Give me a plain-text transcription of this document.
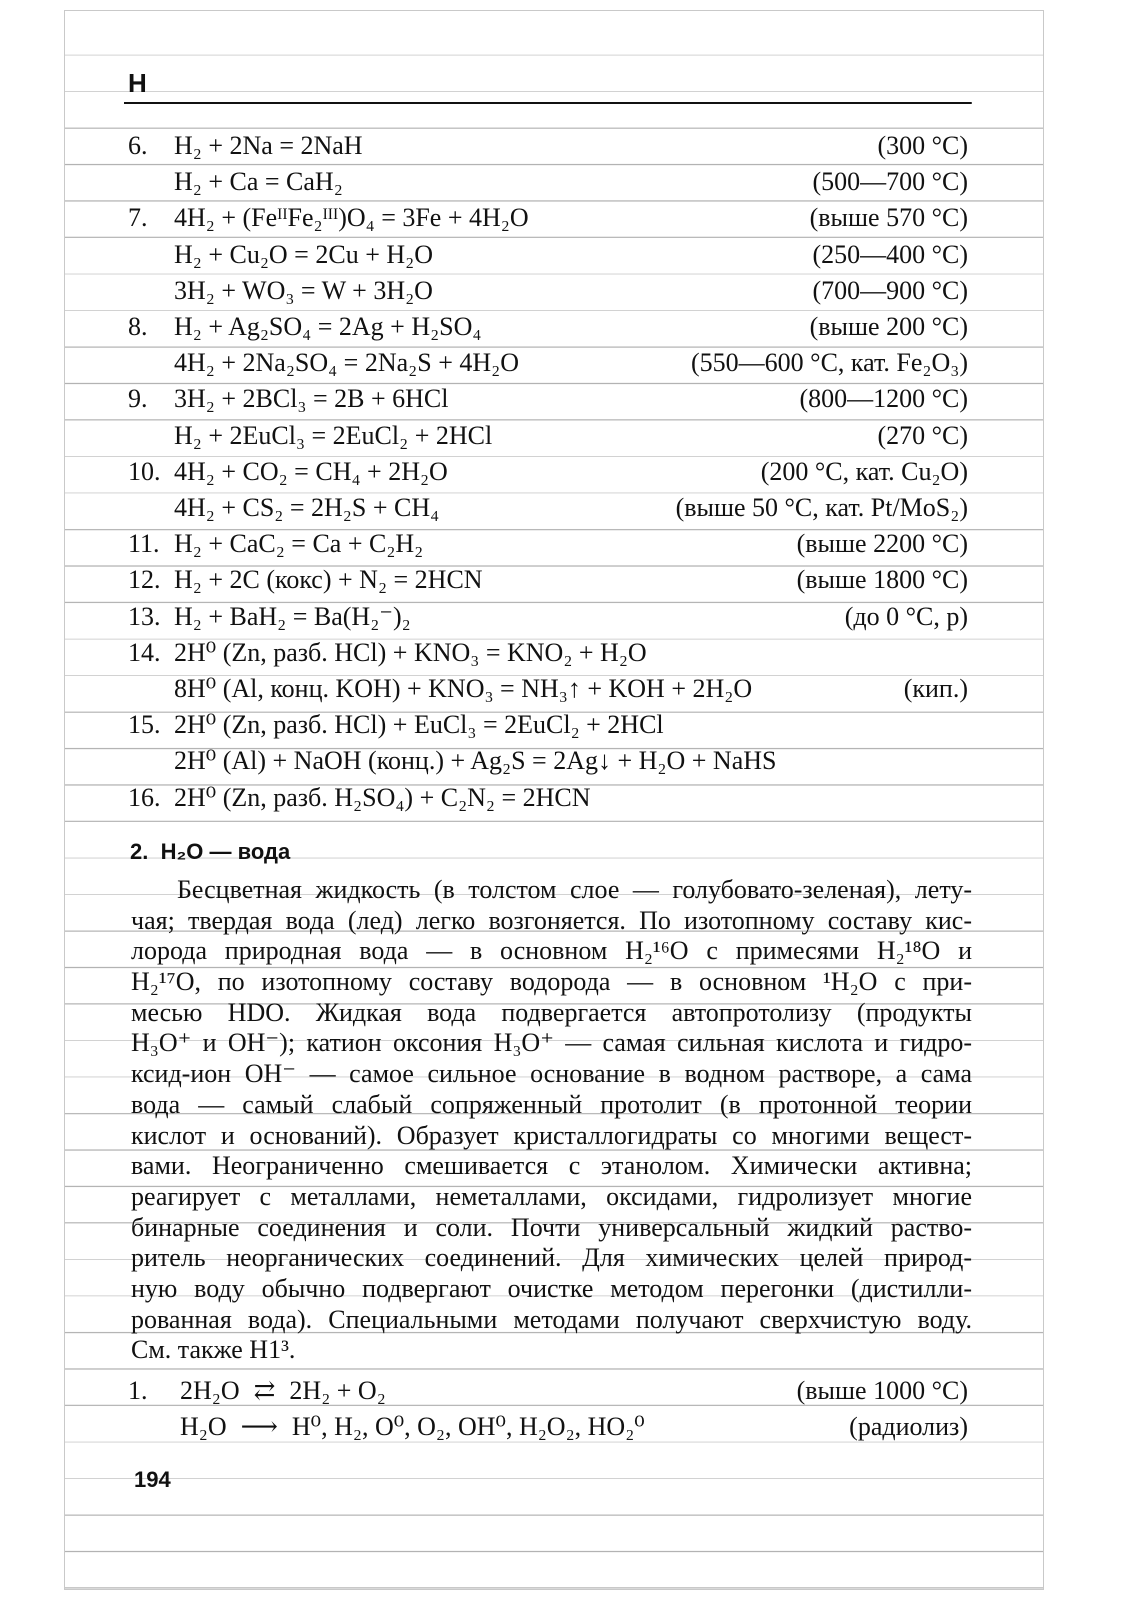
H
6. H₂ + 2Na = 2NaH	(300 °C)
H₂ + Ca = CaH₂	(500—700 °C)
7. 4H₂ + (FeᴵᴵFe₂ᴵᴵᴵ)O₄ = 3Fe + 4H₂O	(выше 570 °C)
H₂ + Cu₂O = 2Cu + H₂O	(250—400 °C)
3H₂ + WO₃ = W + 3H₂O	(700—900 °C)
8. H₂ + Ag₂SO₄ = 2Ag + H₂SO₄	(выше 200 °C)
4H₂ + 2Na₂SO₄ = 2Na₂S + 4H₂O	(550—600 °C, кат. Fe₂O₃)
9. 3H₂ + 2BCl₃ = 2B + 6HCl	(800—1200 °C)
H₂ + 2EuCl₃ = 2EuCl₂ + 2HCl	(270 °C)
10. 4H₂ + CO₂ = CH₄ + 2H₂O	(200 °C, кат. Cu₂O)
4H₂ + CS₂ = 2H₂S + CH₄	(выше 50 °C, кат. Pt/MoS₂)
11. H₂ + CaC₂ = Ca + C₂H₂	(выше 2200 °C)
12. H₂ + 2C (кокс) + N₂ = 2HCN	(выше 1800 °C)
13. H₂ + BaH₂ = Ba(H₂⁻)₂	(до 0 °C, p)
14. 2H⁰ (Zn, разб. HCl) + KNO₃ = KNO₂ + H₂O
8H⁰ (Al, конц. KOH) + KNO₃ = NH₃↑ + KOH + 2H₂O	(кип.)
15. 2H⁰ (Zn, разб. HCl) + EuCl₃ = 2EuCl₂ + 2HCl
2H⁰ (Al) + NaOH (конц.) + Ag₂S = 2Ag↓ + H₂O + NaHS
16. 2H⁰ (Zn, разб. H₂SO₄) + C₂N₂ = 2HCN
2. H₂O — вода
Бесцветная жидкость (в толстом слое — голубовато-зеленая), лету-
чая; твердая вода (лед) легко возгоняется. По изотопному составу кис-
лорода природная вода — в основном H₂¹⁶O с примесями H₂¹⁸O и
H₂¹⁷O, по изотопному составу водорода — в основном ¹H₂O с при-
месью HDO. Жидкая вода подвергается автопротолизу (продукты
H₃O⁺ и OH⁻); катион оксония H₃O⁺ — самая сильная кислота и гидро-
ксид-ион OH⁻ — самое сильное основание в водном растворе, а сама
вода — самый слабый сопряженный протолит (в протонной теории
кислот и оснований). Образует кристаллогидраты со многими вещест-
вами. Неограниченно смешивается с этанолом. Химически активна;
реагирует с металлами, неметаллами, оксидами, гидролизует многие
бинарные соединения и соли. Почти универсальный жидкий раство-
ритель неорганических соединений. Для химических целей природ-
ную воду обычно подвергают очистке методом перегонки (дистилли-
рованная вода). Специальными методами получают сверхчистую воду.
См. также H1³.
1. 2H₂O ⇄ 2H₂ + O₂	(выше 1000 °C)
H₂O ⟶ H⁰, H₂, O⁰, O₂, OH⁰, H₂O₂, HO₂⁰	(радиолиз)
194
